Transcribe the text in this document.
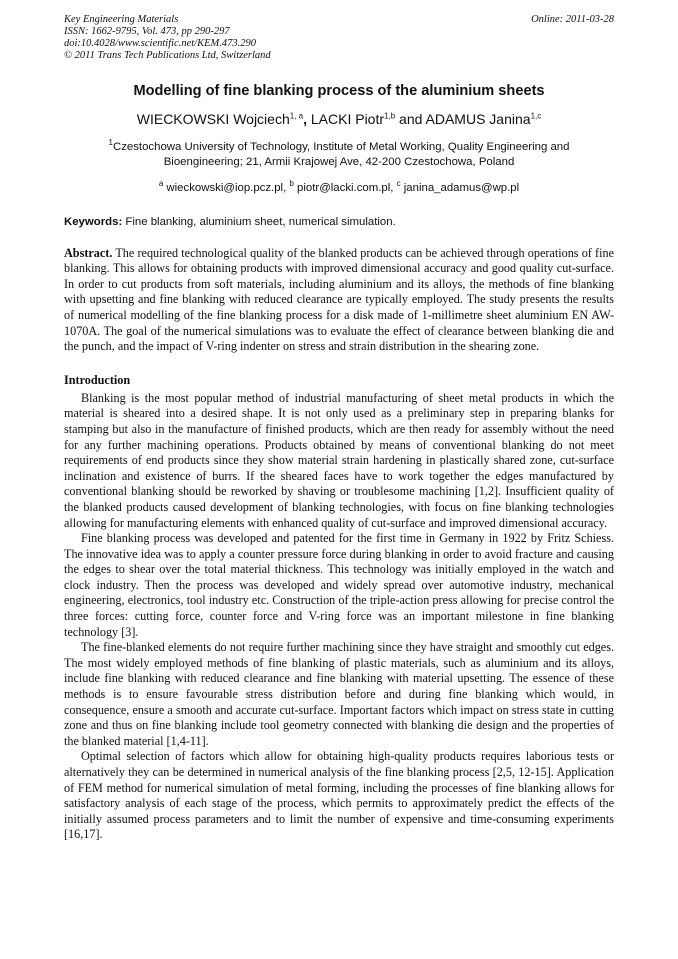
Key Engineering Materials
ISSN: 1662-9795, Vol. 473, pp 290-297
doi:10.4028/www.scientific.net/KEM.473.290
© 2011 Trans Tech Publications Ltd, Switzerland
Online: 2011-03-28
Modelling of fine blanking process of the aluminium sheets
WIECKOWSKI Wojciech$^{1, a}$, LACKI Piotr$^{1,b}$ and ADAMUS Janina$^{1,c}$
$^1$Czestochowa University of Technology, Institute of Metal Working, Quality Engineering and
Bioengineering; 21, Armii Krajowej Ave, 42-200 Czestochowa, Poland
$^a$ wieckowski@iop.pcz.pl, $^b$ piotr@lacki.com.pl, $^c$ janina_adamus@wp.pl
Keywords: Fine blanking, aluminium sheet, numerical simulation.

Abstract. The required technological quality of the blanked products can be achieved through operations of fine blanking. This allows for obtaining products with improved dimensional accuracy and good quality cut-surface. In order to cut products from soft materials, including aluminium and its alloys, the methods of fine blanking with upsetting and fine blanking with reduced clearance are typically employed. The study presents the results of numerical modelling of the fine blanking process for a disk made of 1-millimetre sheet aluminium EN AW-1070A. The goal of the numerical simulations was to evaluate the effect of clearance between blanking die and the punch, and the impact of V-ring indenter on stress and strain distribution in the shearing zone.

Introduction

Blanking is the most popular method of industrial manufacturing of sheet metal products in which the material is sheared into a desired shape. It is not only used as a preliminary step in preparing blanks for stamping but also in the manufacture of finished products, which are then ready for assembly without the need for any further machining operations. Products obtained by means of conventional blanking do not meet requirements of end products since they show material strain hardening in plastically shared zone, cut-surface inclination and existence of burrs. If the sheared faces have to work together the edges manufactured by conventional blanking should be reworked by shaving or troublesome machining [1,2]. Insufficient quality of the blanked products caused development of blanking technologies, with focus on fine blanking technologies allowing for manufacturing elements with enhanced quality of cut-surface and improved dimensional accuracy.

Fine blanking process was developed and patented for the first time in Germany in 1922 by Fritz Schiess. The innovative idea was to apply a counter pressure force during blanking in order to avoid fracture and causing the edges to shear over the total material thickness. This technology was initially employed in the watch and clock industry. Then the process was developed and widely spread over automotive industry, mechanical engineering, electronics, tool industry etc. Construction of the triple-action press allowing for precise control the three forces: cutting force, counter force and V-ring force was an important milestone in fine blanking technology [3].

The fine-blanked elements do not require further machining since they have straight and smoothly cut edges. The most widely employed methods of fine blanking of plastic materials, such as aluminium and its alloys, include fine blanking with reduced clearance and fine blanking with material upsetting. The essence of these methods is to ensure favourable stress distribution before and during fine blanking which would, in consequence, ensure a smooth and accurate cut-surface. Important factors which impact on stress state in cutting zone and thus on fine blanking include tool geometry connected with blanking die design and the properties of the blanked material [1,4-11].

Optimal selection of factors which allow for obtaining high-quality products requires laborious tests or alternatively they can be determined in numerical analysis of the fine blanking process [2,5, 12-15]. Application of FEM method for numerical simulation of metal forming, including the processes of fine blanking allows for satisfactory analysis of each stage of the process, which permits to approximately predict the effects of the initially assumed process parameters and to limit the number of expensive and time-consuming experiments [16,17].
